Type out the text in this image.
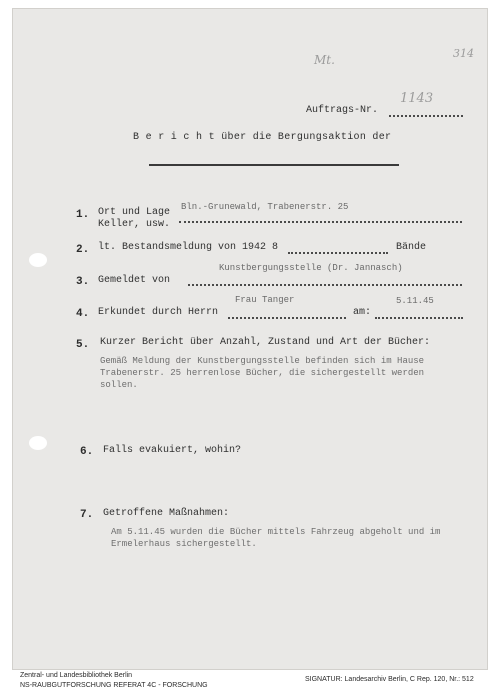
Mt.	314
Auftrags-Nr.
1143
B e r i c h t über die Bergungsaktion der
1. Ort und Lage
Keller, usw.
Bln.-Grunewald, Trabenerstr. 25
2. lt. Bestandsmeldung von 1942 8	Bände
3. Gemeldet von
Kunstbergungsstelle (Dr. Jannasch)
4. Erkundet durch Herrn
Frau Tanger
am:
5.11.45
5. Kurzer Bericht über Anzahl, Zustand und Art der Bücher:
Gemäß Meldung der Kunstbergungsstelle befinden sich im Hause Trabenerstr. 25 herrenlose Bücher, die sichergestellt werden sollen.
6. Falls evakuiert, wohin?
7. Getroffene Maßnahmen:
Am 5.11.45 wurden die Bücher mittels Fahrzeug abgeholt und im Ermelerhaus sichergestellt.
Zentral- und Landesbibliothek Berlin
NS-RAUBGUTFORSCHUNG REFERAT 4C - FORSCHUNG
SIGNATUR: Landesarchiv Berlin, C Rep. 120, Nr.: 512
